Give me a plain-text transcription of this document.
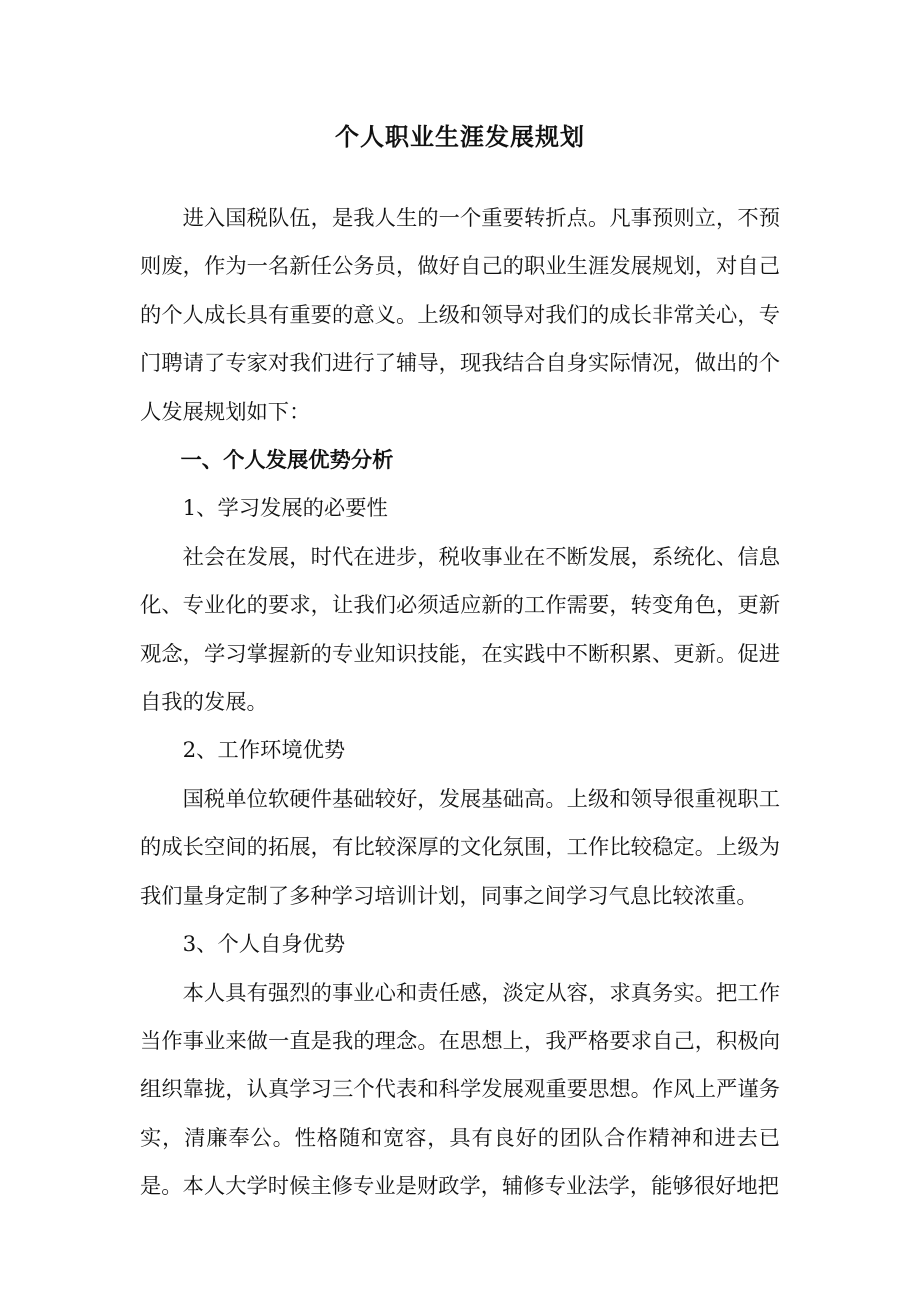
个人职业生涯发展规划

进入国税队伍，是我人生的一个重要转折点。凡事预则立，不预则废，作为一名新任公务员，做好自己的职业生涯发展规划，对自己的个人成长具有重要的意义。上级和领导对我们的成长非常关心，专门聘请了专家对我们进行了辅导，现我结合自身实际情况，做出的个人发展规划如下：

一、个人发展优势分析

1、学习发展的必要性

社会在发展，时代在进步，税收事业在不断发展，系统化、信息化、专业化的要求，让我们必须适应新的工作需要，转变角色，更新观念，学习掌握新的专业知识技能，在实践中不断积累、更新。促进自我的发展。

2、工作环境优势

国税单位软硬件基础较好，发展基础高。上级和领导很重视职工的成长空间的拓展，有比较深厚的文化氛围，工作比较稳定。上级为我们量身定制了多种学习培训计划，同事之间学习气息比较浓重。

3、个人自身优势

本人具有强烈的事业心和责任感，淡定从容，求真务实。把工作当作事业来做一直是我的理念。在思想上，我严格要求自己，积极向组织靠拢，认真学习三个代表和科学发展观重要思想。作风上严谨务实，清廉奉公。性格随和宽容，具有良好的团队合作精神和进去已是。本人大学时候主修专业是财政学，辅修专业法学，能够很好地把
